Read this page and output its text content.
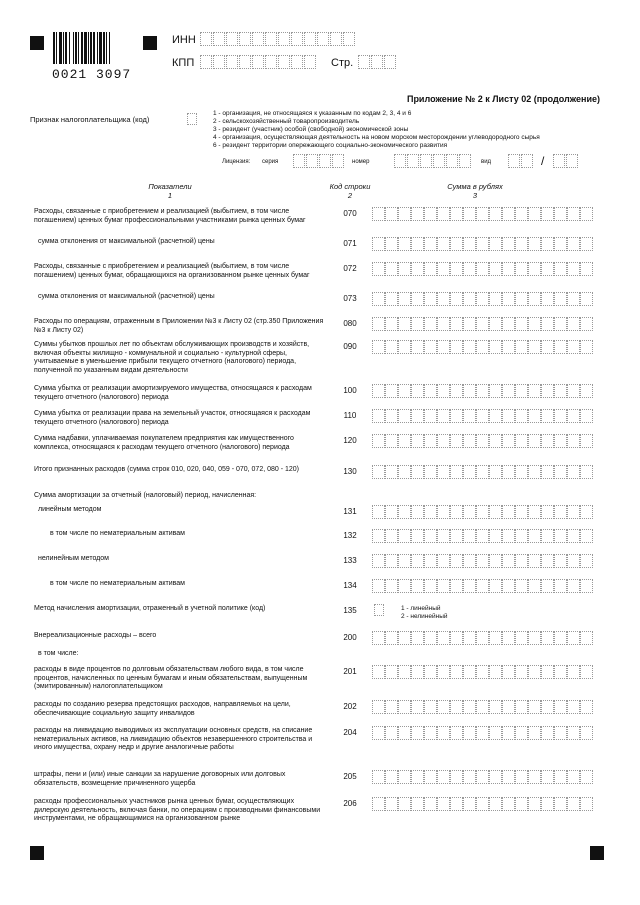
0021 3097
ИНН
КПП	Стр.
Приложение № 2 к Листу 02 (продолжение)
Признак налогоплательщика (код)
1 - организация, не относящаяся к указанным по кодам 2, 3, 4 и 6
2 - сельскохозяйственный товаропроизводитель
3 - резидент (участник) особой (свободной) экономической зоны
4 - организация, осуществляющая деятельность на новом морском месторождении углеводородного сырья
6 - резидент территории опережающего социально-экономического развития
Лицензия: серия	номер	вид	/
Показатели
1
Код строки
2
Сумма в рублях
3
Расходы, связанные с приобретением и реализацией (выбытием, в том числе погашением) ценных бумаг профессиональными участниками рынка ценных бумаг
070
сумма отклонения от максимальной (расчетной) цены	071
Расходы, связанные с приобретением и реализацией (выбытием, в том числе погашением) ценных бумаг, обращающихся на организованном рынке ценных бумаг
072
сумма отклонения от максимальной (расчетной) цены	073
Расходы по операциям, отраженным в Приложении №3 к Листу 02 (стр.350 Приложения №3 к Листу 02)
080
Суммы убытков прошлых лет по объектам обслуживающих производств и хозяйств, включая объекты жилищно - коммунальной и социально - культурной сферы, учитываемые в уменьшение прибыли текущего отчетного (налогового) периода, полученной по указанным видам деятельности
090
Сумма убытка от реализации амортизируемого имущества, относящаяся к расходам текущего отчетного (налогового) периода
100
Сумма убытка от реализации права на земельный участок, относящаяся к расходам текущего отчетного (налогового) периода
110
Сумма надбавки, уплачиваемая покупателем предприятия как имущественного комплекса, относящаяся к расходам текущего отчетного (налогового) периода
120
Итого признанных расходов (сумма строк 010, 020, 040, 059 - 070, 072, 080 - 120)	130
Сумма амортизации за отчетный (налоговый) период, начисленная:
линейным методом	131
в том числе по нематериальным активам	132
нелинейным методом	133
в том числе по нематериальным активам	134
Метод начисления амортизации, отраженный в учетной политике (код)	135
Внереализационные расходы – всего	200
в том числе:
расходы в виде процентов по долговым обязательствам любого вида, в том числе процентов, начисленных по ценным бумагам и иным обязательствам, выпущенным (эмитированным) налогоплательщиком
201
расходы по созданию резерва предстоящих расходов, направляемых на цели, обеспечивающие социальную защиту инвалидов
202
расходы на ликвидацию выводимых из эксплуатации основных средств, на списание нематериальных активов, на ликвидацию объектов незавершенного строительства и иного имущества, охрану недр и другие аналогичные работы
204
штрафы, пени и (или) иные санкции за нарушение договорных или долговых обязательств, возмещение причиненного ущерба
205
расходы профессиональных участников рынка ценных бумаг, осуществляющих дилерскую деятельность, включая банки, по операциям с производными финансовыми инструментами, не обращающимися на организованном рынке
206
1 - линейный
2 - нелинейный
